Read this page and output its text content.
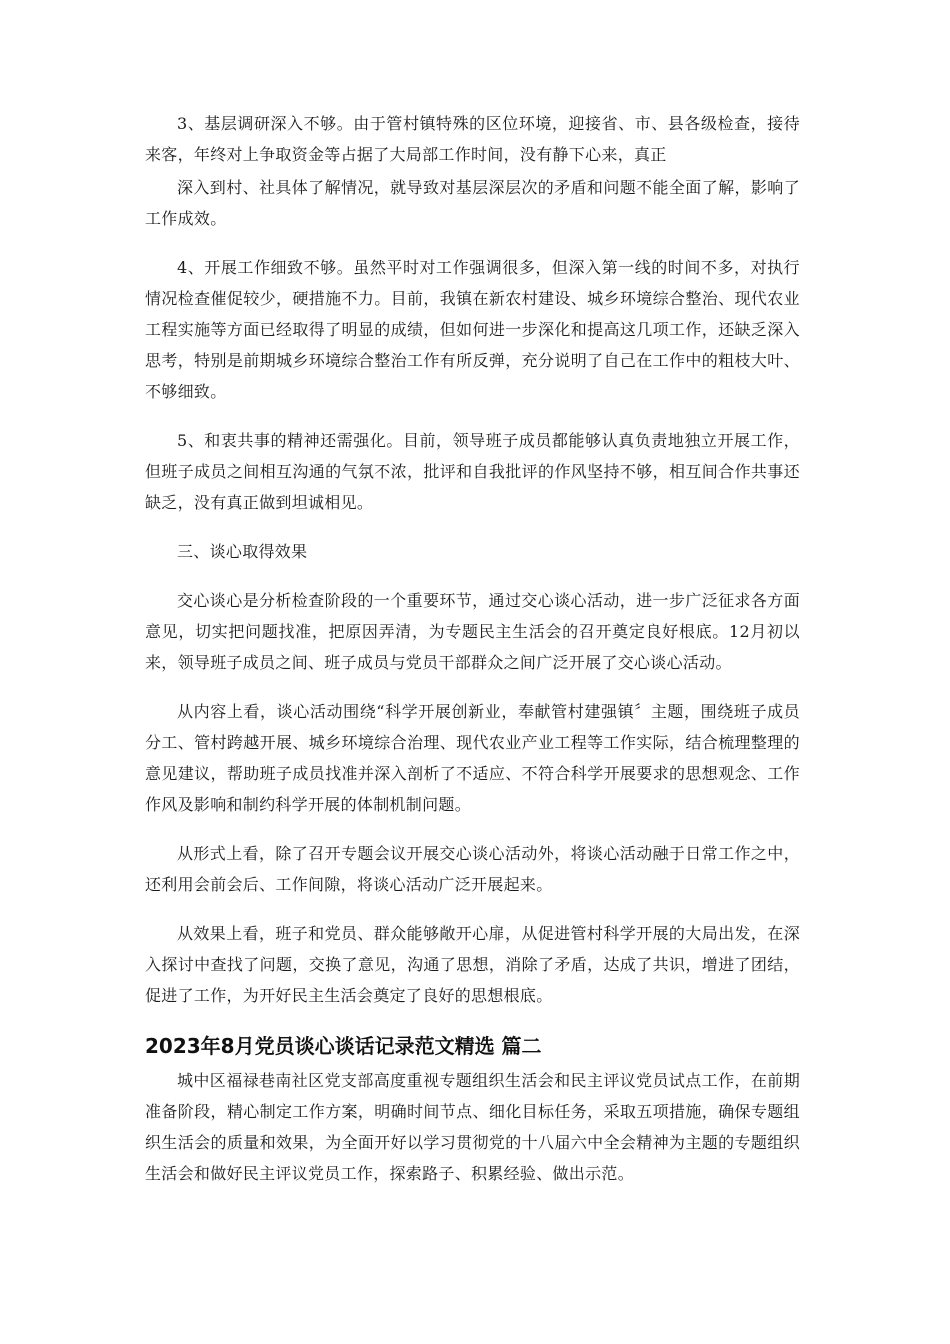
3、基层调研深入不够。由于管村镇特殊的区位环境，迎接省、市、县各级检查，接待来客，年终对上争取资金等占据了大局部工作时间，没有静下心来，真正

深入到村、社具体了解情况，就导致对基层深层次的矛盾和问题不能全面了解，影响了工作成效。

4、开展工作细致不够。虽然平时对工作强调很多，但深入第一线的时间不多，对执行情况检查催促较少，硬措施不力。目前，我镇在新农村建设、城乡环境综合整治、现代农业工程实施等方面已经取得了明显的成绩，但如何进一步深化和提高这几项工作，还缺乏深入思考，特别是前期城乡环境综合整治工作有所反弹，充分说明了自己在工作中的粗枝大叶、不够细致。

5、和衷共事的精神还需强化。目前，领导班子成员都能够认真负责地独立开展工作，但班子成员之间相互沟通的气氛不浓，批评和自我批评的作风坚持不够，相互间合作共事还缺乏，没有真正做到坦诚相见。

三、谈心取得效果

交心谈心是分析检查阶段的一个重要环节，通过交心谈心活动，进一步广泛征求各方面意见，切实把问题找准，把原因弄清，为专题民主生活会的召开奠定良好根底。12月初以来，领导班子成员之间、班子成员与党员干部群众之间广泛开展了交心谈心活动。

从内容上看，谈心活动围绕“科学开展创新业，奉献管村建强镇〞主题，围绕班子成员分工、管村跨越开展、城乡环境综合治理、现代农业产业工程等工作实际，结合梳理整理的意见建议，帮助班子成员找准并深入剖析了不适应、不符合科学开展要求的思想观念、工作作风及影响和制约科学开展的体制机制问题。

从形式上看，除了召开专题会议开展交心谈心活动外，将谈心活动融于日常工作之中，还利用会前会后、工作间隙，将谈心活动广泛开展起来。

从效果上看，班子和党员、群众能够敞开心扉，从促进管村科学开展的大局出发，在深入探讨中查找了问题，交换了意见，沟通了思想，消除了矛盾，达成了共识，增进了团结，促进了工作，为开好民主生活会奠定了良好的思想根底。

2023年8月党员谈心谈话记录范文精选 篇二

城中区福禄巷南社区党支部高度重视专题组织生活会和民主评议党员试点工作，在前期准备阶段，精心制定工作方案，明确时间节点、细化目标任务，采取五项措施，确保专题组织生活会的质量和效果，为全面开好以学习贯彻党的十八届六中全会精神为主题的专题组织生活会和做好民主评议党员工作，探索路子、积累经验、做出示范。
